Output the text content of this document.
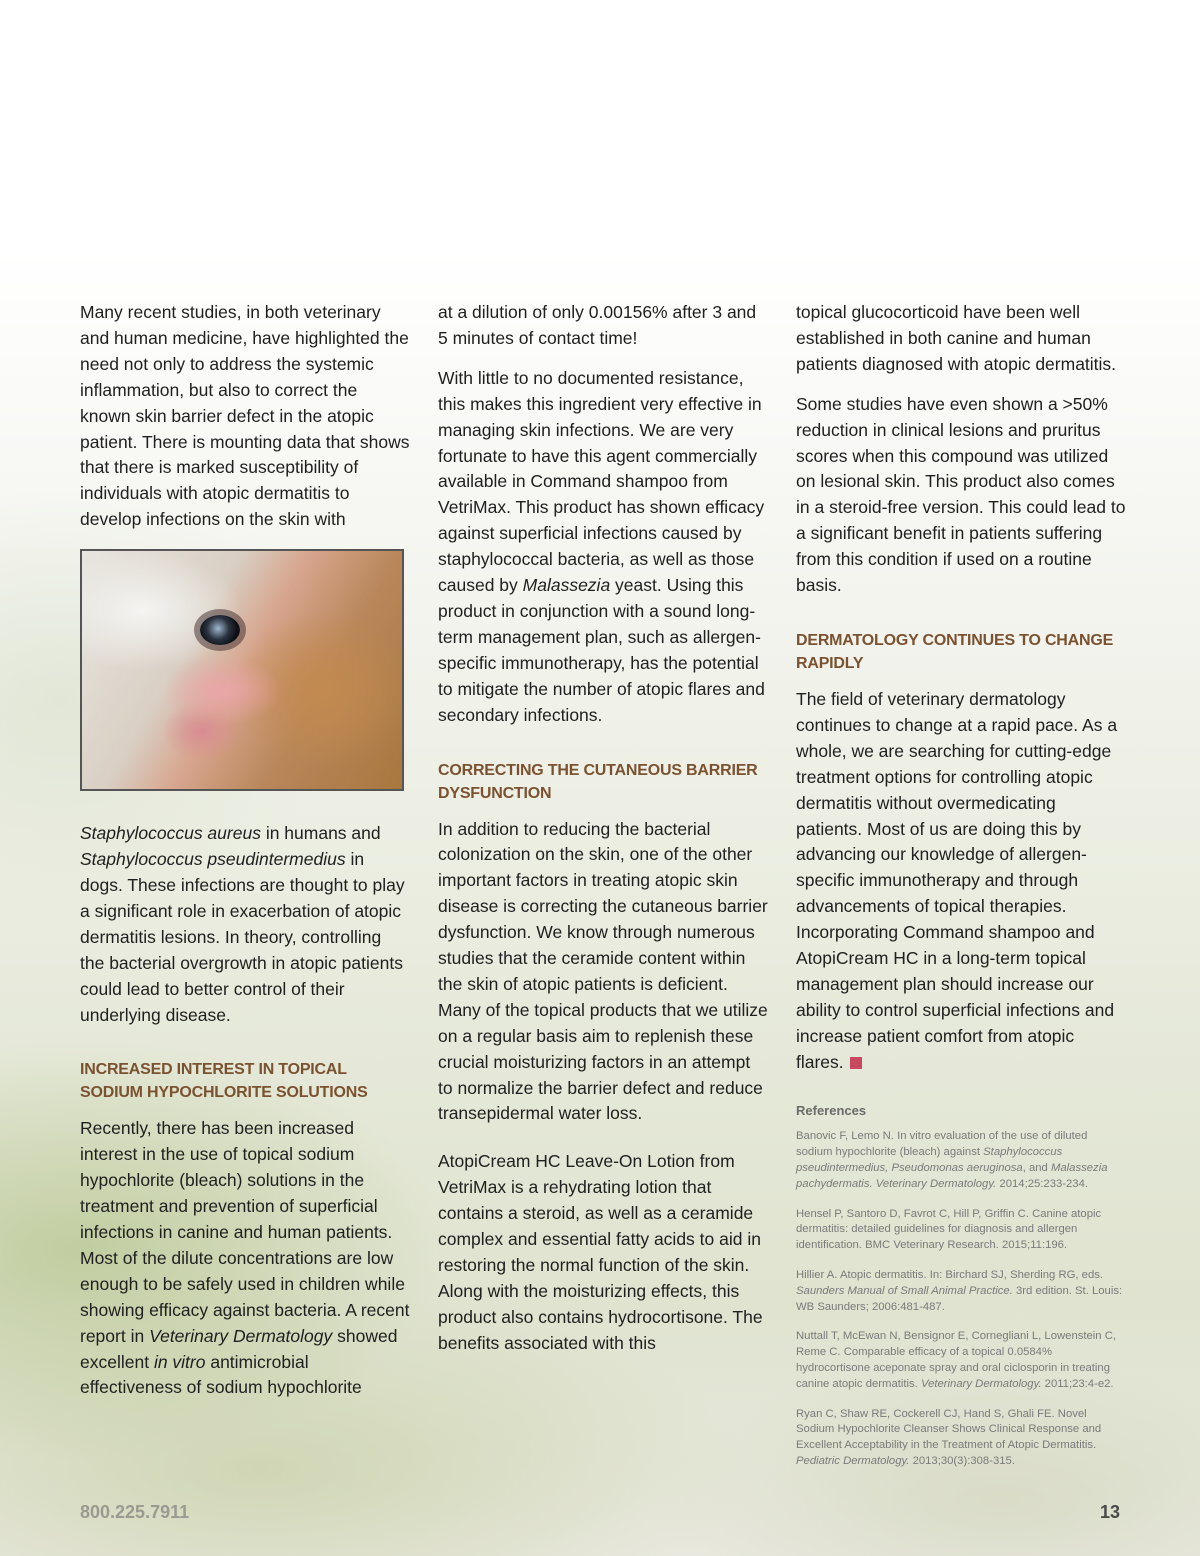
Many recent studies, in both veterinary and human medicine, have highlighted the need not only to address the systemic inflammation, but also to correct the known skin barrier defect in the atopic patient. There is mounting data that shows that there is marked susceptibility of individuals with atopic dermatitis to develop infections on the skin with

Staphylococcus aureus in humans and Staphylococcus pseudintermedius in dogs. These infections are thought to play a significant role in exacerbation of atopic dermatitis lesions. In theory, controlling the bacterial overgrowth in atopic patients could lead to better control of their underlying disease.

INCREASED INTEREST IN TOPICAL SODIUM HYPOCHLORITE SOLUTIONS

Recently, there has been increased interest in the use of topical sodium hypochlorite (bleach) solutions in the treatment and prevention of superficial infections in canine and human patients. Most of the dilute concentrations are low enough to be safely used in children while showing efficacy against bacteria. A recent report in Veterinary Dermatology showed excellent in vitro antimicrobial effectiveness of sodium hypochlorite

at a dilution of only 0.00156% after 3 and 5 minutes of contact time!

With little to no documented resistance, this makes this ingredient very effective in managing skin infections. We are very fortunate to have this agent commercially available in Command shampoo from VetriMax. This product has shown efficacy against superficial infections caused by staphylococcal bacteria, as well as those caused by Malassezia yeast. Using this product in conjunction with a sound long-term management plan, such as allergen-specific immunotherapy, has the potential to mitigate the number of atopic flares and secondary infections.

CORRECTING THE CUTANEOUS BARRIER DYSFUNCTION

In addition to reducing the bacterial colonization on the skin, one of the other important factors in treating atopic skin disease is correcting the cutaneous barrier dysfunction. We know through numerous studies that the ceramide content within the skin of atopic patients is deficient. Many of the topical products that we utilize on a regular basis aim to replenish these crucial moisturizing factors in an attempt to normalize the barrier defect and reduce transepidermal water loss.

AtopiCream HC Leave-On Lotion from VetriMax is a rehydrating lotion that contains a steroid, as well as a ceramide complex and essential fatty acids to aid in restoring the normal function of the skin. Along with the moisturizing effects, this product also contains hydrocortisone. The benefits associated with this

topical glucocorticoid have been well established in both canine and human patients diagnosed with atopic dermatitis.

Some studies have even shown a >50% reduction in clinical lesions and pruritus scores when this compound was utilized on lesional skin. This product also comes in a steroid-free version. This could lead to a significant benefit in patients suffering from this condition if used on a routine basis.

DERMATOLOGY CONTINUES TO CHANGE RAPIDLY

The field of veterinary dermatology continues to change at a rapid pace. As a whole, we are searching for cutting-edge treatment options for controlling atopic dermatitis without overmedicating patients. Most of us are doing this by advancing our knowledge of allergen-specific immunotherapy and through advancements of topical therapies. Incorporating Command shampoo and AtopiCream HC in a long-term topical management plan should increase our ability to control superficial infections and increase patient comfort from atopic flares.

References

Banovic F, Lemo N. In vitro evaluation of the use of diluted sodium hypochlorite (bleach) against Staphylococcus pseudintermedius, Pseudomonas aeruginosa, and Malassezia pachydermatis. Veterinary Dermatology. 2014;25:233-234.

Hensel P, Santoro D, Favrot C, Hill P, Griffin C. Canine atopic dermatitis: detailed guidelines for diagnosis and allergen identification. BMC Veterinary Research. 2015;11:196.

Hillier A. Atopic dermatitis. In: Birchard SJ, Sherding RG, eds. Saunders Manual of Small Animal Practice. 3rd edition. St. Louis: WB Saunders; 2006:481-487.

Nuttall T, McEwan N, Bensignor E, Cornegliani L, Lowenstein C, Reme C. Comparable efficacy of a topical 0.0584% hydrocortisone aceponate spray and oral ciclosporin in treating canine atopic dermatitis. Veterinary Dermatology. 2011;23:4-e2.

Ryan C, Shaw RE, Cockerell CJ, Hand S, Ghali FE. Novel Sodium Hypochlorite Cleanser Shows Clinical Response and Excellent Acceptability in the Treatment of Atopic Dermatitis. Pediatric Dermatology. 2013;30(3):308-315.

800.225.7911	13
